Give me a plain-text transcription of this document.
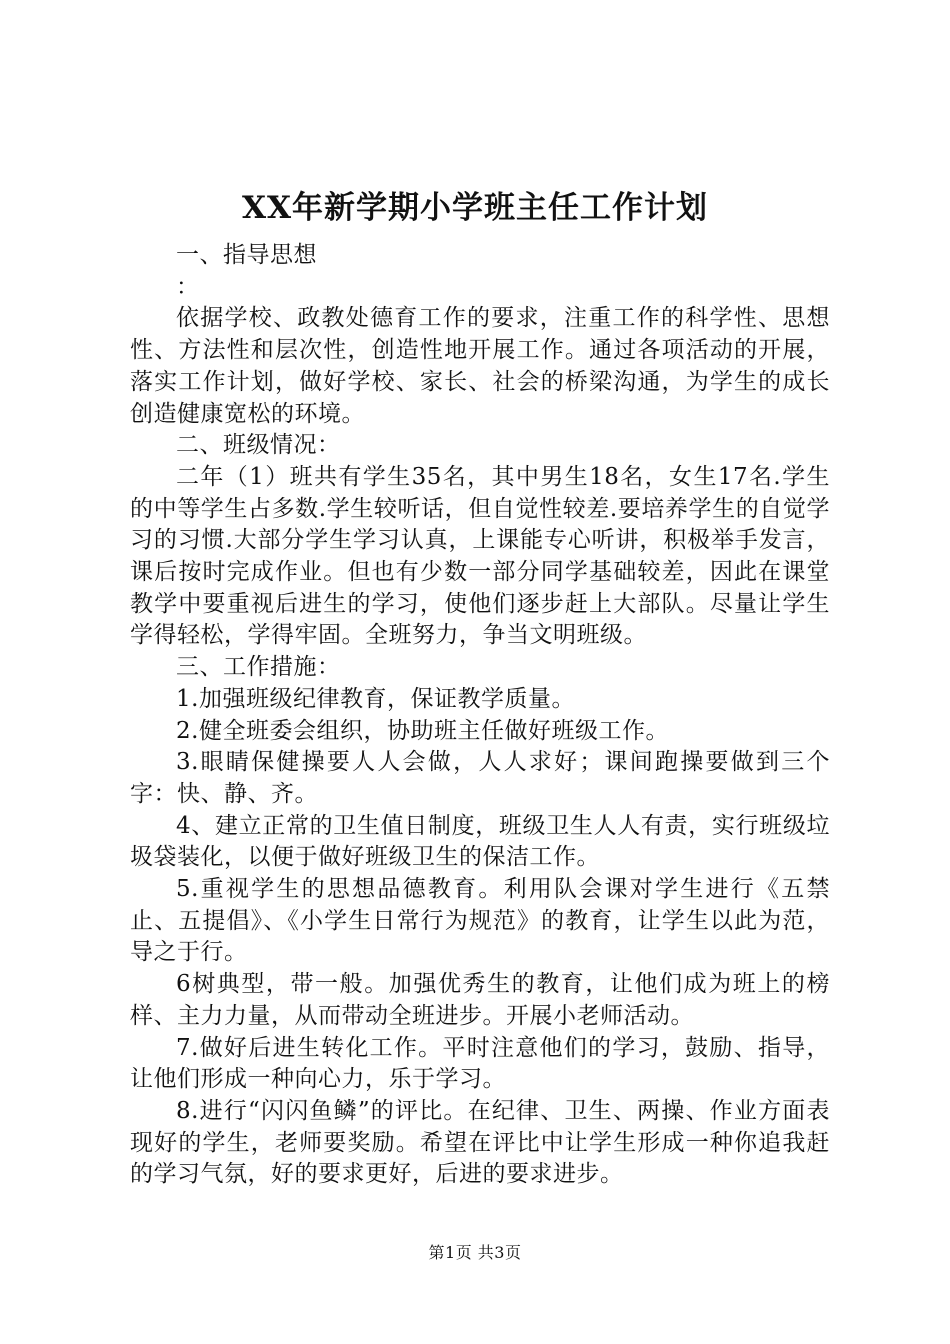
XX年新学期小学班主任工作计划

一、指导思想

：

依据学校、政教处德育工作的要求，注重工作的科学性、思想性、方法性和层次性，创造性地开展工作。通过各项活动的开展，落实工作计划，做好学校、家长、社会的桥梁沟通，为学生的成长创造健康宽松的环境。

二、班级情况：

二年（1）班共有学生35名，其中男生18名，女生17名.学生的中等学生占多数.学生较听话，但自觉性较差.要培养学生的自觉学习的习惯.大部分学生学习认真，上课能专心听讲，积极举手发言，课后按时完成作业。但也有少数一部分同学基础较差，因此在课堂教学中要重视后进生的学习，使他们逐步赶上大部队。尽量让学生学得轻松，学得牢固。全班努力，争当文明班级。

三、工作措施：

1.加强班级纪律教育，保证教学质量。

2.健全班委会组织，协助班主任做好班级工作。

3.眼睛保健操要人人会做，人人求好；课间跑操要做到三个字：快、静、齐。

4、建立正常的卫生值日制度，班级卫生人人有责，实行班级垃圾袋装化，以便于做好班级卫生的保洁工作。

5.重视学生的思想品德教育。利用队会课对学生进行《五禁止、五提倡》、《小学生日常行为规范》的教育，让学生以此为范，导之于行。

6树典型，带一般。加强优秀生的教育，让他们成为班上的榜样、主力力量，从而带动全班进步。开展小老师活动。

7.做好后进生转化工作。平时注意他们的学习，鼓励、指导，让他们形成一种向心力，乐于学习。

8.进行“闪闪鱼鳞”的评比。在纪律、卫生、两操、作业方面表现好的学生，老师要奖励。希望在评比中让学生形成一种你追我赶的学习气氛，好的要求更好，后进的要求进步。

第1页 共3页
